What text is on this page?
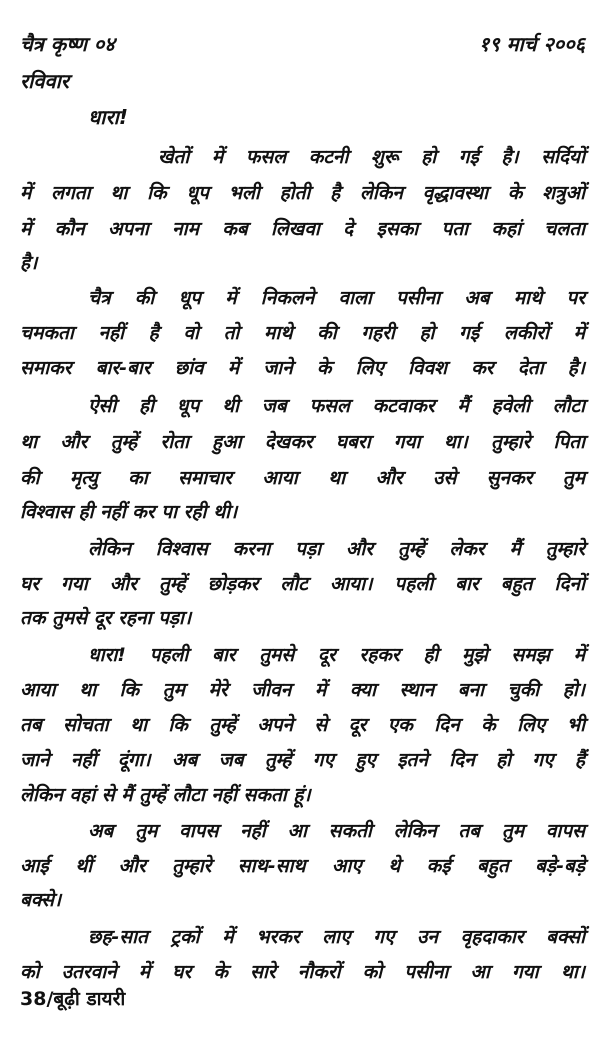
चैत्र कृष्ण ०४	१९ मार्च २००६
रविवार
धारा!
खेतों में फसल कटनी शुरू हो गई है। सर्दियों
में लगता था कि धूप भली होती है लेकिन वृद्धावस्था के शत्रुओं
में कौन अपना नाम कब लिखवा दे इसका पता कहां चलता
है।
चैत्र की धूप में निकलने वाला पसीना अब माथे पर
चमकता नहीं है वो तो माथे की गहरी हो गई लकीरों में
समाकर बार-बार छांव में जाने के लिए विवश कर देता है।
ऐसी ही धूप थी जब फसल कटवाकर मैं हवेली लौटा
था और तुम्हें रोता हुआ देखकर घबरा गया था। तुम्हारे पिता
की मृत्यु का समाचार आया था और उसे सुनकर तुम
विश्वास ही नहीं कर पा रही थी।
लेकिन विश्वास करना पड़ा और तुम्हें लेकर मैं तुम्हारे
घर गया और तुम्हें छोड़कर लौट आया। पहली बार बहुत दिनों
तक तुमसे दूर रहना पड़ा।
धारा! पहली बार तुमसे दूर रहकर ही मुझे समझ में
आया था कि तुम मेरे जीवन में क्या स्थान बना चुकी हो।
तब सोचता था कि तुम्हें अपने से दूर एक दिन के लिए भी
जाने नहीं दूंगा। अब जब तुम्हें गए हुए इतने दिन हो गए हैं
लेकिन वहां से मैं तुम्हें लौटा नहीं सकता हूं।
अब तुम वापस नहीं आ सकती लेकिन तब तुम वापस
आई थीं और तुम्हारे साथ-साथ आए थे कई बहुत बड़े-बड़े
बक्से।
छह-सात ट्रकों में भरकर लाए गए उन वृहदाकार बक्सों
को उतरवाने में घर के सारे नौकरों को पसीना आ गया था।
38/बूढ़ी डायरी
